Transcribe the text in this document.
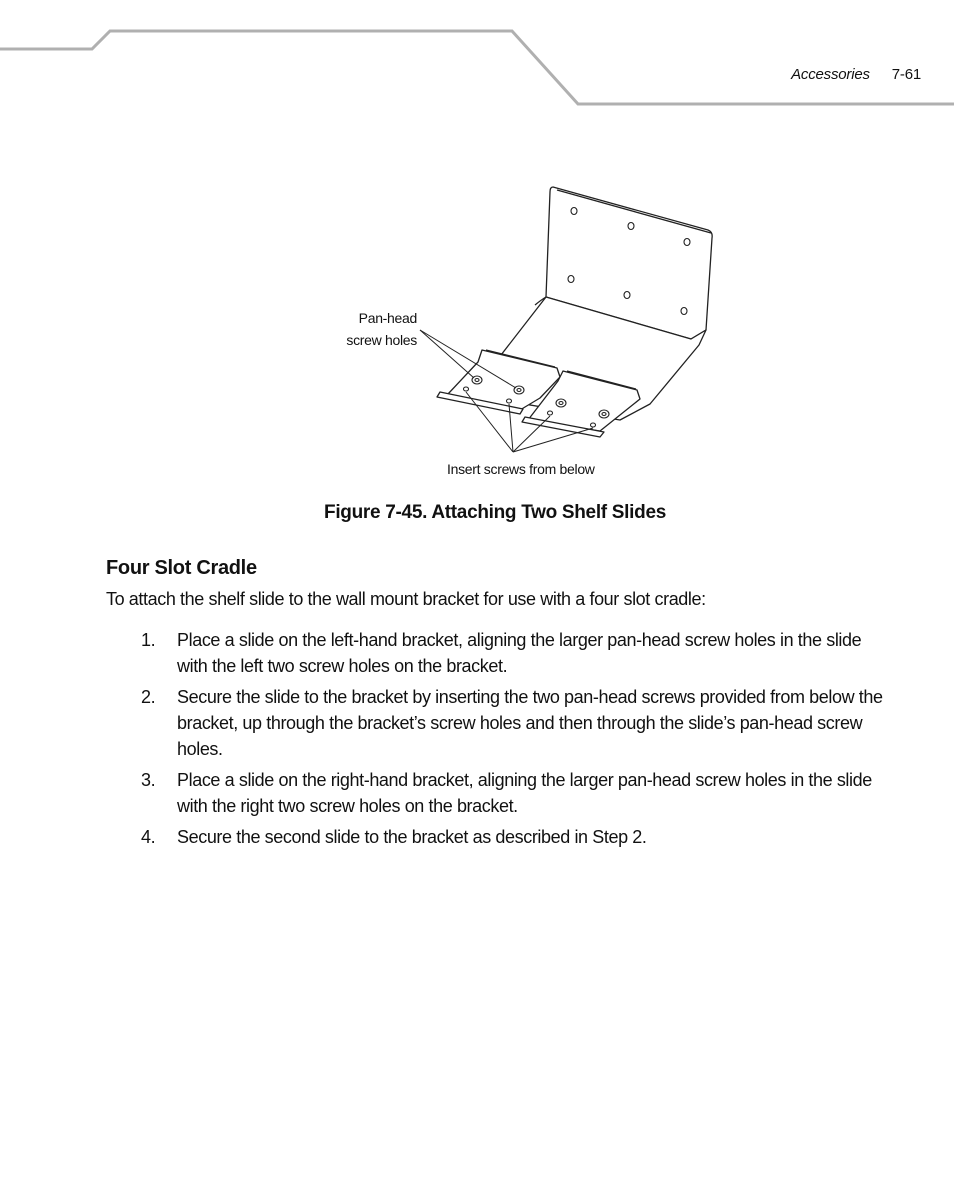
Accessories 7-61
Pan-head
screw holes
Insert screws from below
Figure 7-45. Attaching Two Shelf Slides
Four Slot Cradle
To attach the shelf slide to the wall mount bracket for use with a four slot cradle:
1. Place a slide on the left-hand bracket, aligning the larger pan-head screw holes in the slide with the left two screw holes on the bracket.
2. Secure the slide to the bracket by inserting the two pan-head screws provided from below the bracket, up through the bracket’s screw holes and then through the slide’s pan-head screw holes.
3. Place a slide on the right-hand bracket, aligning the larger pan-head screw holes in the slide with the right two screw holes on the bracket.
4. Secure the second slide to the bracket as described in Step 2.
